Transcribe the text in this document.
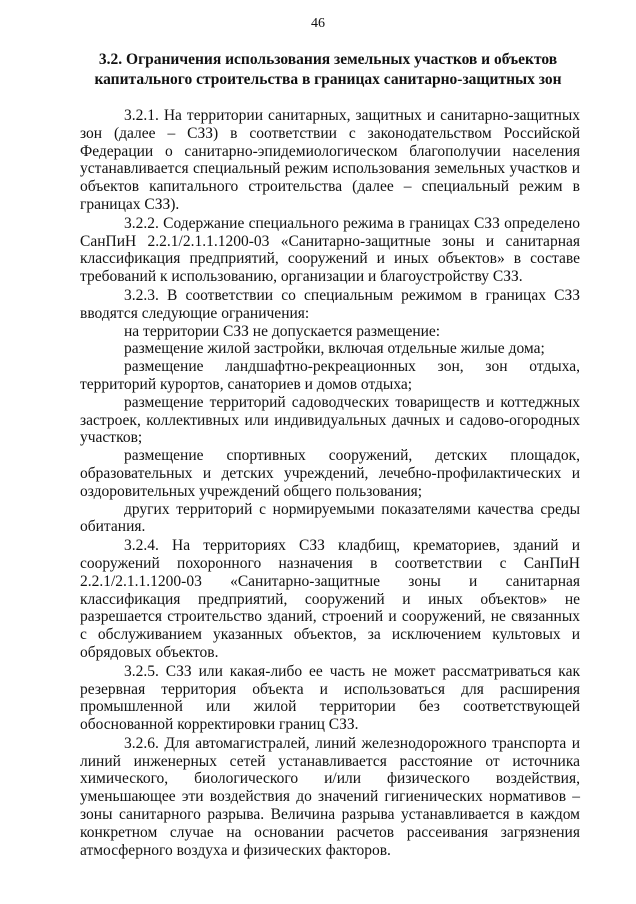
46
3.2. Ограничения использования земельных участков и объектов капитального строительства в границах санитарно-защитных зон

3.2.1. На территории санитарных, защитных и санитарно-защитных зон (далее – СЗЗ) в соответствии с законодательством Российской Федерации о санитарно-эпидемиологическом благополучии населения устанавливается специальный режим использования земельных участков и объектов капитального строительства (далее – специальный режим в границах СЗЗ).

3.2.2. Содержание специального режима в границах СЗЗ определено СанПиН 2.2.1/2.1.1.1200-03 «Санитарно-защитные зоны и санитарная классификация предприятий, сооружений и иных объектов» в составе требований к использованию, организации и благоустройству СЗЗ.

3.2.3. В соответствии со специальным режимом в границах СЗЗ вводятся следующие ограничения:

на территории СЗЗ не допускается размещение:

размещение жилой застройки, включая отдельные жилые дома;

размещение ландшафтно-рекреационных зон, зон отдыха, территорий курортов, санаториев и домов отдыха;

размещение территорий садоводческих товариществ и коттеджных застроек, коллективных или индивидуальных дачных и садово-огородных участков;

размещение спортивных сооружений, детских площадок, образовательных и детских учреждений, лечебно-профилактических и оздоровительных учреждений общего пользования;

других территорий с нормируемыми показателями качества среды обитания.

3.2.4. На территориях СЗЗ кладбищ, крематориев, зданий и сооружений похоронного назначения в соответствии с СанПиН 2.2.1/2.1.1.1200-03 «Санитарно-защитные зоны и санитарная классификация предприятий, сооружений и иных объектов» не разрешается строительство зданий, строений и сооружений, не связанных с обслуживанием указанных объектов, за исключением культовых и обрядовых объектов.

3.2.5. СЗЗ или какая-либо ее часть не может рассматриваться как резервная территория объекта и использоваться для расширения промышленной или жилой территории без соответствующей обоснованной корректировки границ СЗЗ.

3.2.6. Для автомагистралей, линий железнодорожного транспорта и линий инженерных сетей устанавливается расстояние от источника химического, биологического и/или физического воздействия, уменьшающее эти воздействия до значений гигиенических нормативов – зоны санитарного разрыва. Величина разрыва устанавливается в каждом конкретном случае на основании расчетов рассеивания загрязнения атмосферного воздуха и физических факторов.
